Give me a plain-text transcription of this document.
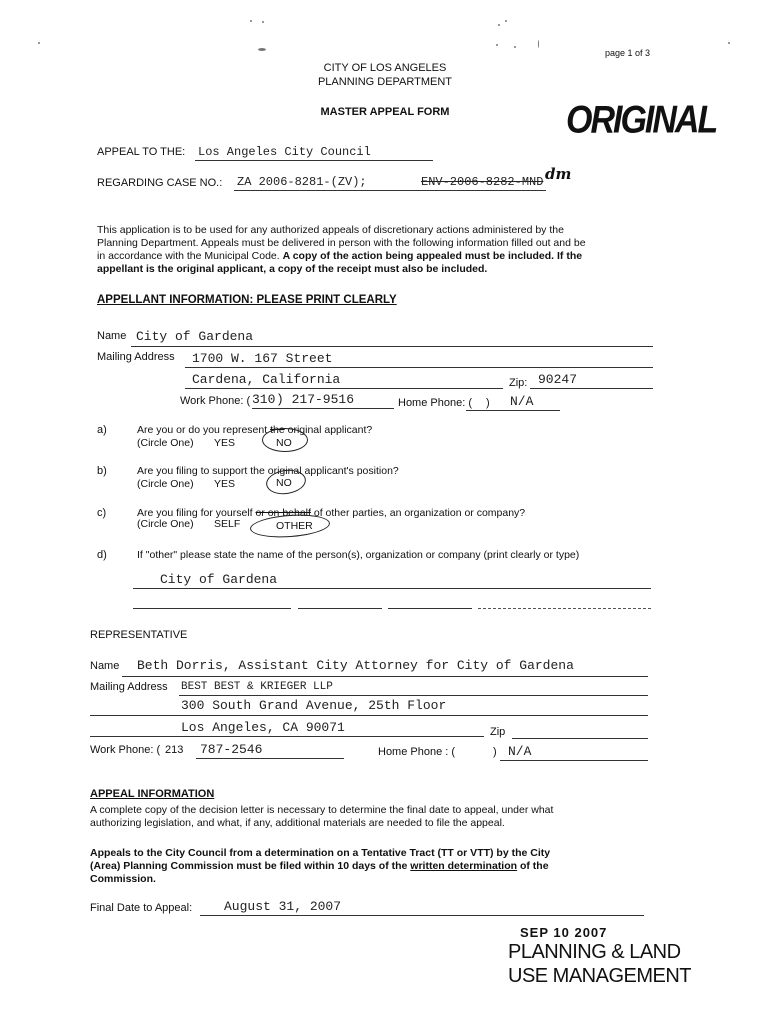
page 1 of 3
CITY OF LOS ANGELES
PLANNING DEPARTMENT
MASTER APPEAL FORM	ORIGINAL
APPEAL TO THE: Los Angeles City Council
REGARDING CASE NO.: ZA 2006-8281-(ZV);	ENV-2006-8282-MND dm
This application is to be used for any authorized appeals of discretionary actions administered by the
Planning Department. Appeals must be delivered in person with the following information filled out and be
in accordance with the Municipal Code. A copy of the action being appealed must be included. If the
appellant is the original applicant, a copy of the receipt must also be included.
APPELLANT INFORMATION: PLEASE PRINT CLEARLY
Name City of Gardena
Mailing Address 1700 W. 167 Street
Cardena, California	Zip: 90247
Work Phone: ( 310 ) 217-9516	Home Phone: ( ) N/A
a)	Are you or do you represent the original applicant?
(Circle One) YES	NO
b)	Are you filing to support the original applicant's position?
(Circle One) YES	NO
c)	Are you filing for yourself or on behalf of other parties, an organization or company?
(Circle One) SELF	OTHER
d)	If "other" please state the name of the person(s), organization or company (print clearly or type)
City of Gardena
REPRESENTATIVE
Name Beth Dorris, Assistant City Attorney for City of Gardena
Mailing Address BEST BEST & KRIEGER LLP
300 South Grand Avenue, 25th Floor
Los Angeles, CA 90071	Zip
Work Phone: ( 213 787-2546	Home Phone : (	) N/A
APPEAL INFORMATION
A complete copy of the decision letter is necessary to determine the final date to appeal, under what
authorizing legislation, and what, if any, additional materials are needed to file the appeal.
Appeals to the City Council from a determination on a Tentative Tract (TT or VTT) by the City
(Area) Planning Commission must be filed within 10 days of the written determination of the
Commission.
Final Date to Appeal: August 31, 2007
SEP 10 2007
PLANNING & LAND
USE MANAGEMENT
